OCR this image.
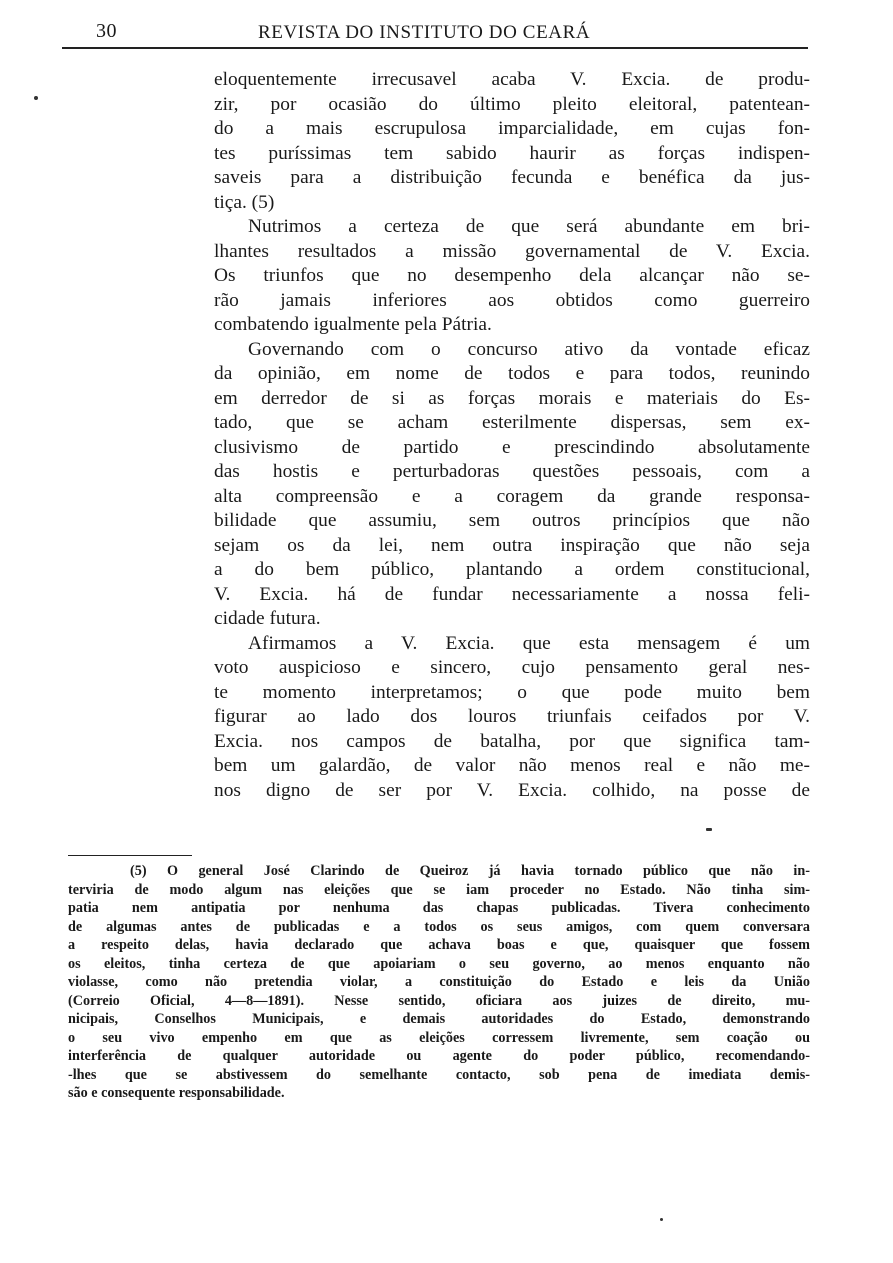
30	REVISTA DO INSTITUTO DO CEARÁ
eloquentemente irrecusavel acaba V. Excia. de produ-
zir, por ocasião do último pleito eleitoral, patentean-
do a mais escrupulosa imparcialidade, em cujas fon-
tes puríssimas tem sabido haurir as forças indispen-
saveis para a distribuição fecunda e benéfica da jus-
tiça. (5)
Nutrimos a certeza de que será abundante em bri-
lhantes resultados a missão governamental de V. Excia.
Os triunfos que no desempenho dela alcançar não se-
rão jamais inferiores aos obtidos como guerreiro
combatendo igualmente pela Pátria.
Governando com o concurso ativo da vontade eficaz
da opinião, em nome de todos e para todos, reunindo
em derredor de si as forças morais e materiais do Es-
tado, que se acham esterilmente dispersas, sem ex-
clusivismo de partido e prescindindo absolutamente
das hostis e perturbadoras questões pessoais, com a
alta compreensão e a coragem da grande responsa-
bilidade que assumiu, sem outros princípios que não
sejam os da lei, nem outra inspiração que não seja
a do bem público, plantando a ordem constitucional,
V. Excia. há de fundar necessariamente a nossa feli-
cidade futura.
Afirmamos a V. Excia. que esta mensagem é um
voto auspicioso e sincero, cujo pensamento geral nes-
te momento interpretamos; o que pode muito bem
figurar ao lado dos louros triunfais ceifados por V.
Excia. nos campos de batalha, por que significa tam-
bem um galardão, de valor não menos real e não me-
nos digno de ser por V. Excia. colhido, na posse de
(5) O general José Clarindo de Queiroz já havia tornado público que não in-
terviria de modo algum nas eleições que se iam proceder no Estado. Não tinha sim-
patia nem antipatia por nenhuma das chapas publicadas. Tivera conhecimento
de algumas antes de publicadas e a todos os seus amigos, com quem conversara
a respeito delas, havia declarado que achava boas e que, quaisquer que fossem
os eleitos, tinha certeza de que apoiariam o seu governo, ao menos enquanto não
violasse, como não pretendia violar, a constituição do Estado e leis da União
(Correio Oficial, 4—8—1891). Nesse sentido, oficiara aos juizes de direito, mu-
nicipais, Conselhos Municipais, e demais autoridades do Estado, demonstrando
o seu vivo empenho em que as eleições corressem livremente, sem coação ou
interferência de qualquer autoridade ou agente do poder público, recomendando-
-lhes que se abstivessem do semelhante contacto, sob pena de imediata demis-
são e consequente responsabilidade.
